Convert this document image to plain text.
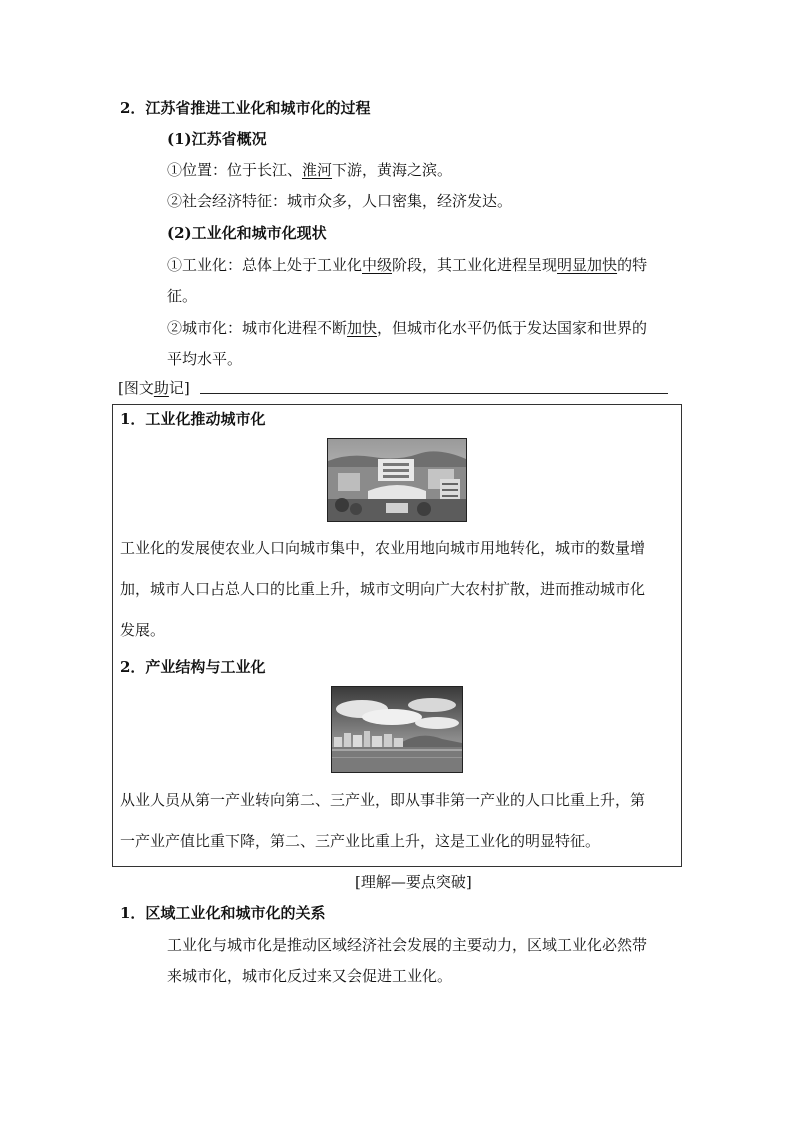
2．江苏省推进工业化和城市化的过程
(1)江苏省概况
①位置：位于长江、淮河下游，黄海之滨。
②社会经济特征：城市众多，人口密集，经济发达。
(2)工业化和城市化现状
①工业化：总体上处于工业化中级阶段，其工业化进程呈现明显加快的特
征。
②城市化：城市化进程不断加快，但城市化水平仍低于发达国家和世界的
平均水平。
[图文助记]
1．工业化推动城市化
工业化的发展使农业人口向城市集中，农业用地向城市用地转化，城市的数量增
加，城市人口占总人口的比重上升，城市文明向广大农村扩散，进而推动城市化
发展。
2．产业结构与工业化
从业人员从第一产业转向第二、三产业，即从事非第一产业的人口比重上升，第
一产业产值比重下降，第二、三产业比重上升，这是工业化的明显特征。
[理解—要点突破]
1．区域工业化和城市化的关系
工业化与城市化是推动区域经济社会发展的主要动力，区域工业化必然带
来城市化，城市化反过来又会促进工业化。
